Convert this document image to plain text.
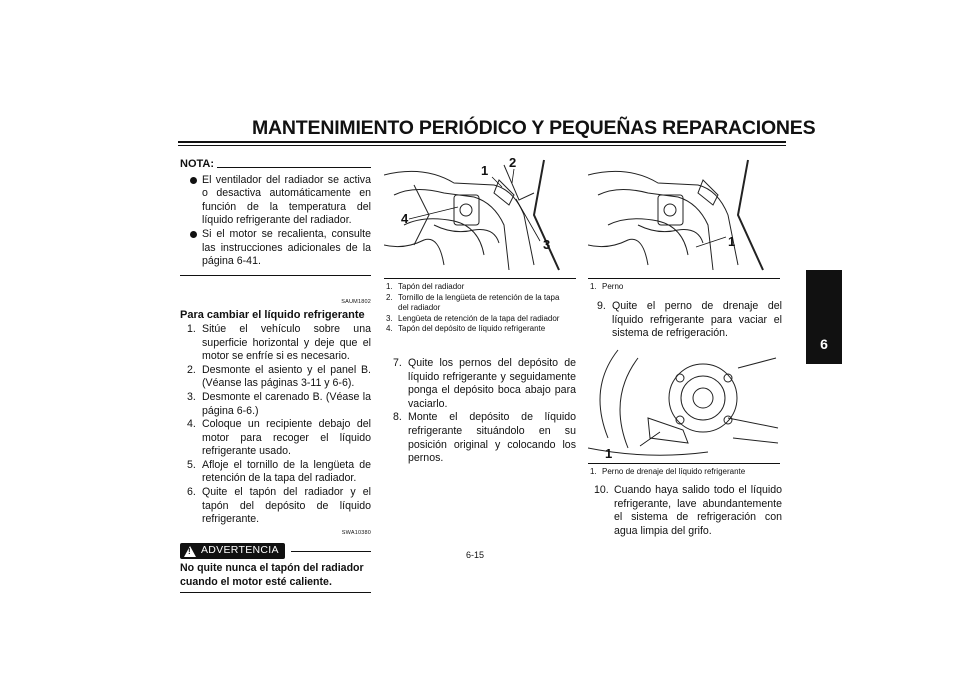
MANTENIMIENTO PERIÓDICO Y PEQUEÑAS REPARACIONES
6
NOTA:
El ventilador del radiador se activa o desactiva automáticamente en función de la temperatura del líquido refrigerante del radiador.
Si el motor se recalienta, consulte las instrucciones adicionales de la página 6-41.
SAUM1802
Para cambiar el líquido refrigerante
1. Sitúe el vehículo sobre una superficie horizontal y deje que el motor se enfríe si es necesario.
2. Desmonte el asiento y el panel B. (Véanse las páginas 3-11 y 6-6).
3. Desmonte el carenado B. (Véase la página 6-6.)
4. Coloque un recipiente debajo del motor para recoger el líquido refrigerante usado.
5. Afloje el tornillo de la lengüeta de retención de la tapa del radiador.
6. Quite el tapón del radiador y el tapón del depósito de líquido refrigerante.
SWA10380
! ADVERTENCIA
No quite nunca el tapón del radiador cuando el motor esté caliente.
1
2
3
4
1. Tapón del radiador
2. Tornillo de la lengüeta de retención de la tapa del radiador
3. Lengüeta de retención de la tapa del radiador
4. Tapón del depósito de líquido refrigerante
7. Quite los pernos del depósito de líquido refrigerante y seguidamente ponga el depósito boca abajo para vaciarlo.
8. Monte el depósito de líquido refrigerante situándolo en su posición original y colocando los pernos.
1
1. Perno
9. Quite el perno de drenaje del líquido refrigerante para vaciar el sistema de refrigeración.
1
1. Perno de drenaje del líquido refrigerante
10. Cuando haya salido todo el líquido refrigerante, lave abundantemente el sistema de refrigeración con agua limpia del grifo.
6-15
